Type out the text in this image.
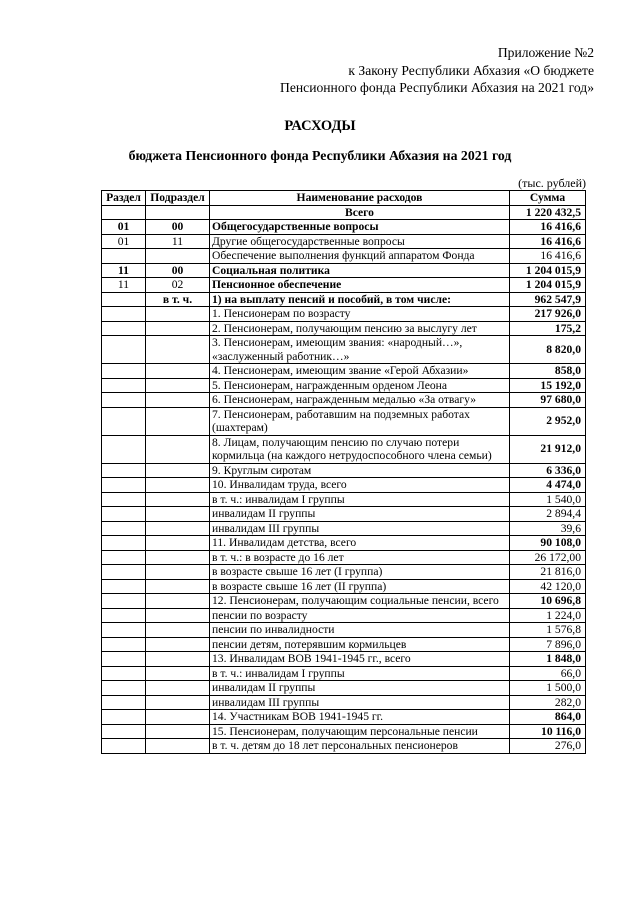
Приложение №2
к Закону Республики Абхазия «О бюджете
Пенсионного фонда Республики Абхазия на 2021 год»
РАСХОДЫ
бюджета Пенсионного фонда Республики Абхазия на 2021 год
(тыс. рублей)
Раздел	Подраздел	Наименование расходов	Сумма
		Всего	1 220 432,5
01	00	Общегосударственные вопросы	16 416,6
01	11	Другие общегосударственные вопросы	16 416,6
		Обеспечение выполнения функций аппаратом Фонда	16 416,6
11	00	Социальная политика	1 204 015,9
11	02	Пенсионное обеспечение	1 204 015,9
	в т. ч.	1) на выплату пенсий и пособий, в том числе:	962 547,9
		1. Пенсионерам по возрасту	217 926,0
		2. Пенсионерам, получающим пенсию за выслугу лет	175,2
		3. Пенсионерам, имеющим звания: «народный…», «заслуженный работник…»	8 820,0
		4. Пенсионерам, имеющим звание «Герой Абхазии»	858,0
		5. Пенсионерам, награжденным орденом Леона	15 192,0
		6. Пенсионерам, награжденным медалью «За отвагу»	97 680,0
		7. Пенсионерам, работавшим на подземных работах (шахтерам)	2 952,0
		8. Лицам, получающим пенсию по случаю потери кормильца (на каждого нетрудоспособного члена семьи)	21 912,0
		9. Круглым сиротам	6 336,0
		10. Инвалидам труда, всего	4 474,0
		в т. ч.: инвалидам I группы	1 540,0
		инвалидам II группы	2 894,4
		инвалидам III группы	39,6
		11. Инвалидам детства, всего	90 108,0
		в т. ч.: в возрасте до 16 лет	26 172,00
		в возрасте свыше 16 лет (I группа)	21 816,0
		в возрасте свыше 16 лет (II группа)	42 120,0
		12. Пенсионерам, получающим социальные пенсии, всего	10 696,8
		пенсии по возрасту	1 224,0
		пенсии по инвалидности	1 576,8
		пенсии детям, потерявшим кормильцев	7 896,0
		13. Инвалидам ВОВ 1941-1945 гг., всего	1 848,0
		в т. ч.: инвалидам I группы	66,0
		инвалидам II группы	1 500,0
		инвалидам III группы	282,0
		14. Участникам ВОВ 1941-1945 гг.	864,0
		15. Пенсионерам, получающим персональные пенсии	10 116,0
		в т. ч. детям до 18 лет персональных пенсионеров	276,0
